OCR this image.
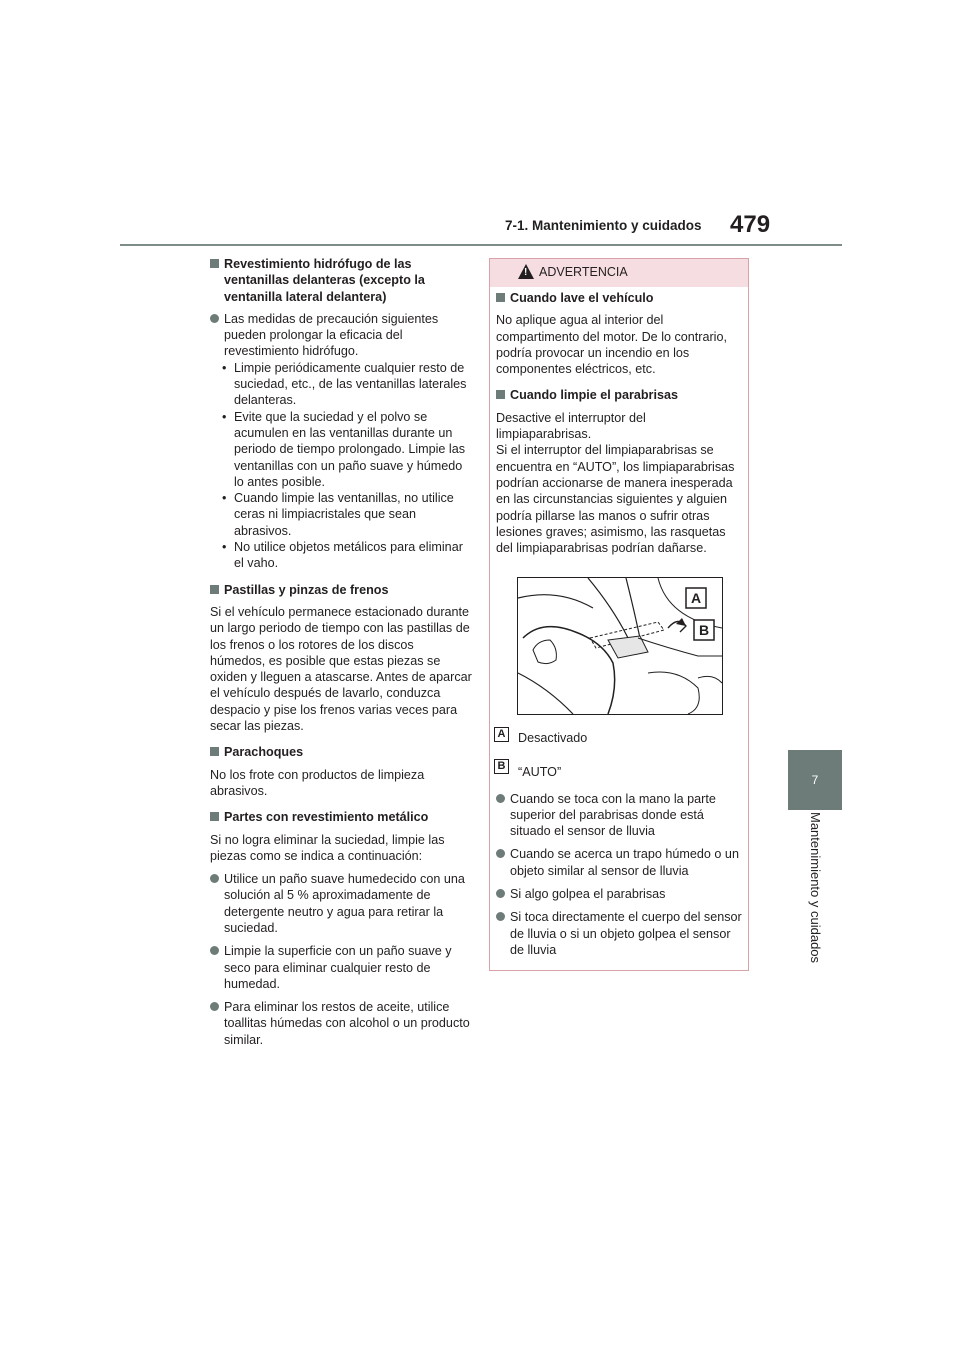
7-1. Mantenimiento y cuidados 479
7
Mantenimiento y cuidados
Revestimiento hidrófugo de las ventanillas delanteras (excepto la ventanilla lateral delantera)
Las medidas de precaución siguientes pueden prolongar la eficacia del revestimiento hidrófugo.
• Limpie periódicamente cualquier resto de suciedad, etc., de las ventanillas laterales delanteras.
• Evite que la suciedad y el polvo se acumulen en las ventanillas durante un periodo de tiempo prolongado. Limpie las ventanillas con un paño suave y húmedo lo antes posible.
• Cuando limpie las ventanillas, no utilice ceras ni limpiacristales que sean abrasivos.
• No utilice objetos metálicos para eliminar el vaho.
Pastillas y pinzas de frenos
Si el vehículo permanece estacionado durante un largo periodo de tiempo con las pastillas de los frenos o los rotores de los discos húmedos, es posible que estas piezas se oxiden y lleguen a atascarse. Antes de aparcar el vehículo después de lavarlo, conduzca despacio y pise los frenos varias veces para secar las piezas.
Parachoques
No los frote con productos de limpieza abrasivos.
Partes con revestimiento metálico
Si no logra eliminar la suciedad, limpie las piezas como se indica a continuación:
Utilice un paño suave humedecido con una solución al 5 % aproximadamente de detergente neutro y agua para retirar la suciedad.
Limpie la superficie con un paño suave y seco para eliminar cualquier resto de humedad.
Para eliminar los restos de aceite, utilice toallitas húmedas con alcohol o un producto similar.
! ADVERTENCIA
Cuando lave el vehículo
No aplique agua al interior del compartimento del motor. De lo contrario, podría provocar un incendio en los componentes eléctricos, etc.
Cuando limpie el parabrisas
Desactive el interruptor del limpiaparabrisas.
Si el interruptor del limpiaparabrisas se encuentra en “AUTO”, los limpiaparabrisas podrían accionarse de manera inesperada en las circunstancias siguientes y alguien podría pillarse las manos o sufrir otras lesiones graves; asimismo, las rasquetas del limpiaparabrisas podrían dañarse.
A
B
A Desactivado
B “AUTO”
Cuando se toca con la mano la parte superior del parabrisas donde está situado el sensor de lluvia
Cuando se acerca un trapo húmedo o un objeto similar al sensor de lluvia
Si algo golpea el parabrisas
Si toca directamente el cuerpo del sensor de lluvia o si un objeto golpea el sensor de lluvia
